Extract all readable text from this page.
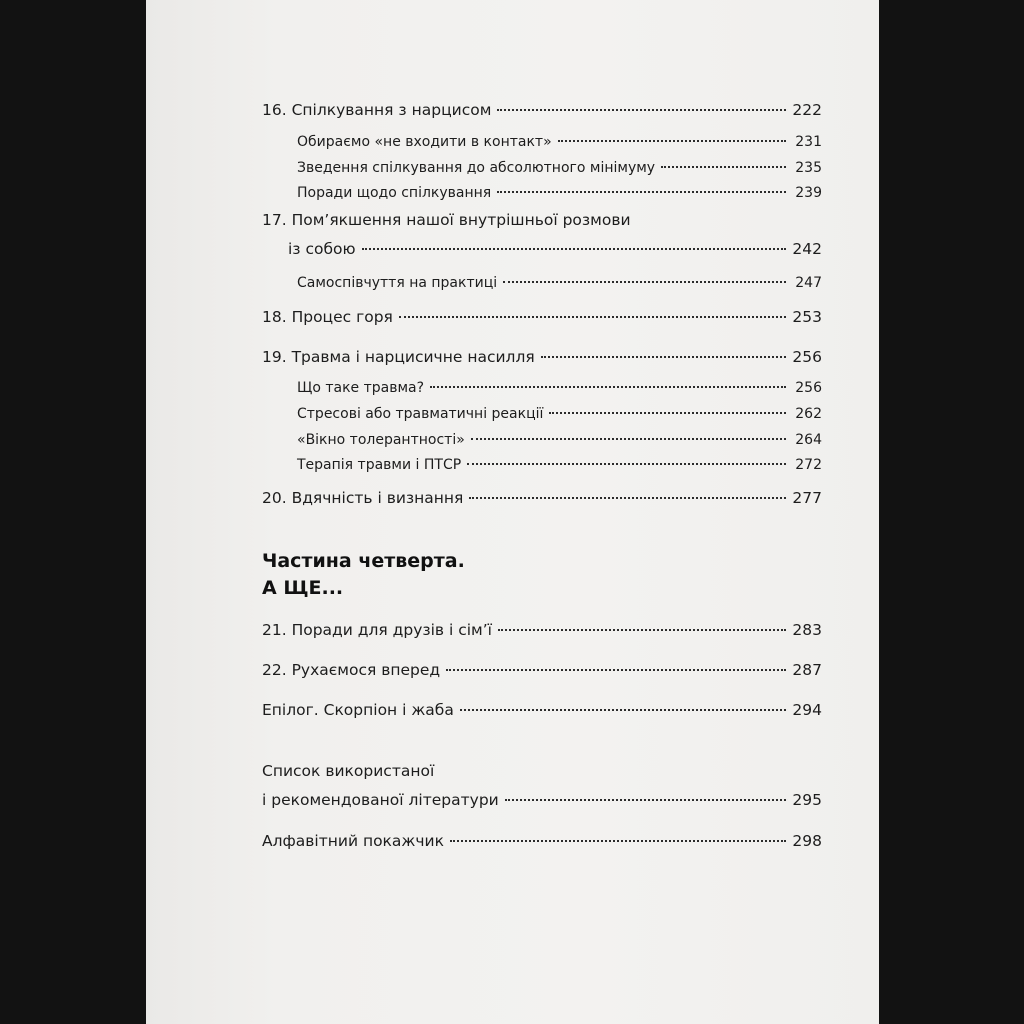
16. Спілкування з нарцисом	222
Обираємо «не входити в контакт»	231
Зведення спілкування до абсолютного мінімуму	235
Поради щодо спілкування	239
17. Пом’якшення нашої внутрішньої розмови
із собою	242
Самоспівчуття на практиці	247
18. Процес горя	253
19. Травма і нарцисичне насилля	256
Що таке травма?	256
Стресові або травматичні реакції	262
«Вікно толерантності»	264
Терапія травми і ПТСР	272
20. Вдячність і визнання	277
Частина четверта.
А ЩЕ...
21. Поради для друзів і сім’ї	283
22. Рухаємося вперед	287
Епілог. Скорпіон і жаба	294
Список використаної
і рекомендованої літератури	295
Алфавітний покажчик	298
